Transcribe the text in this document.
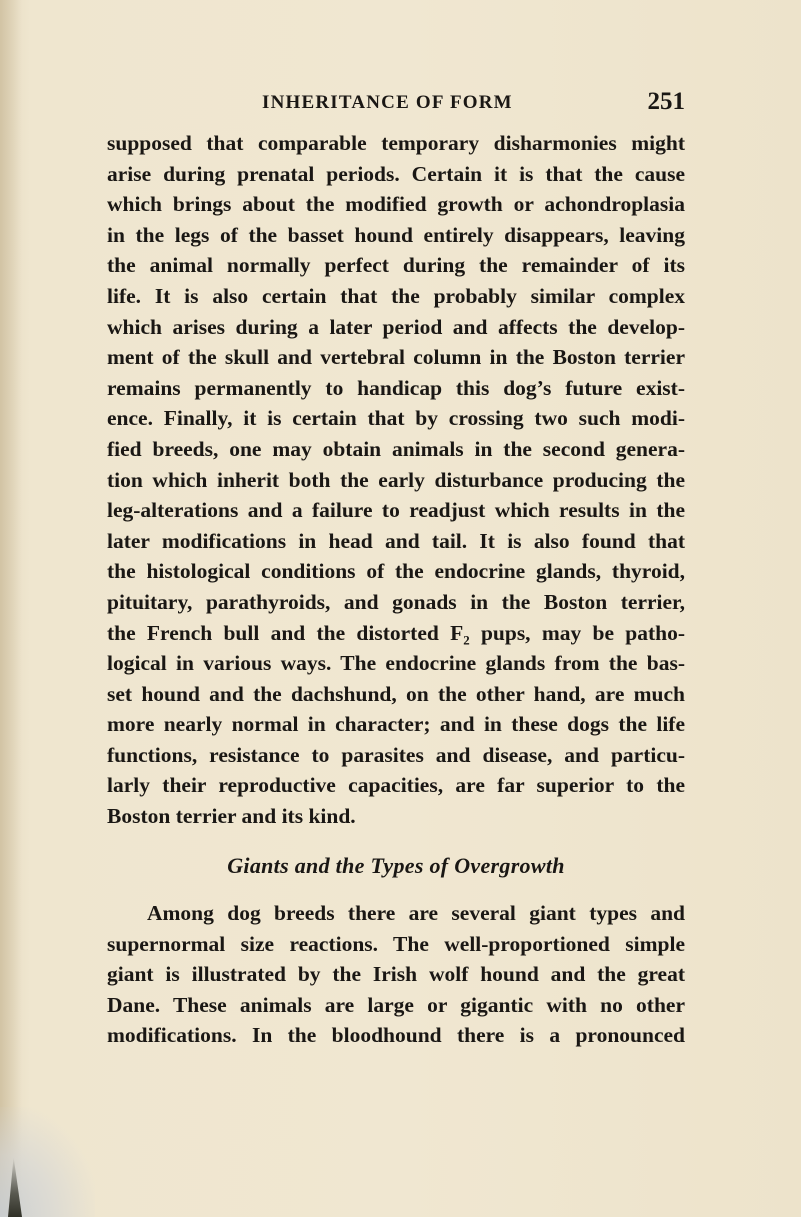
INHERITANCE OF FORM	251
supposed that comparable temporary disharmonies might
arise during prenatal periods. Certain it is that the cause
which brings about the modified growth or achondroplasia
in the legs of the basset hound entirely disappears, leaving
the animal normally perfect during the remainder of its
life. It is also certain that the probably similar complex
which arises during a later period and affects the develop-
ment of the skull and vertebral column in the Boston terrier
remains permanently to handicap this dog’s future exist-
ence. Finally, it is certain that by crossing two such modi-
fied breeds, one may obtain animals in the second genera-
tion which inherit both the early disturbance producing the
leg-alterations and a failure to readjust which results in the
later modifications in head and tail. It is also found that
the histological conditions of the endocrine glands, thyroid,
pituitary, parathyroids, and gonads in the Boston terrier,
the French bull and the distorted F₂ pups, may be patho-
logical in various ways. The endocrine glands from the bas-
set hound and the dachshund, on the other hand, are much
more nearly normal in character; and in these dogs the life
functions, resistance to parasites and disease, and particu-
larly their reproductive capacities, are far superior to the
Boston terrier and its kind.
Giants and the Types of Overgrowth
Among dog breeds there are several giant types and
supernormal size reactions. The well-proportioned simple
giant is illustrated by the Irish wolf hound and the great
Dane. These animals are large or gigantic with no other
modifications. In the bloodhound there is a pronounced
